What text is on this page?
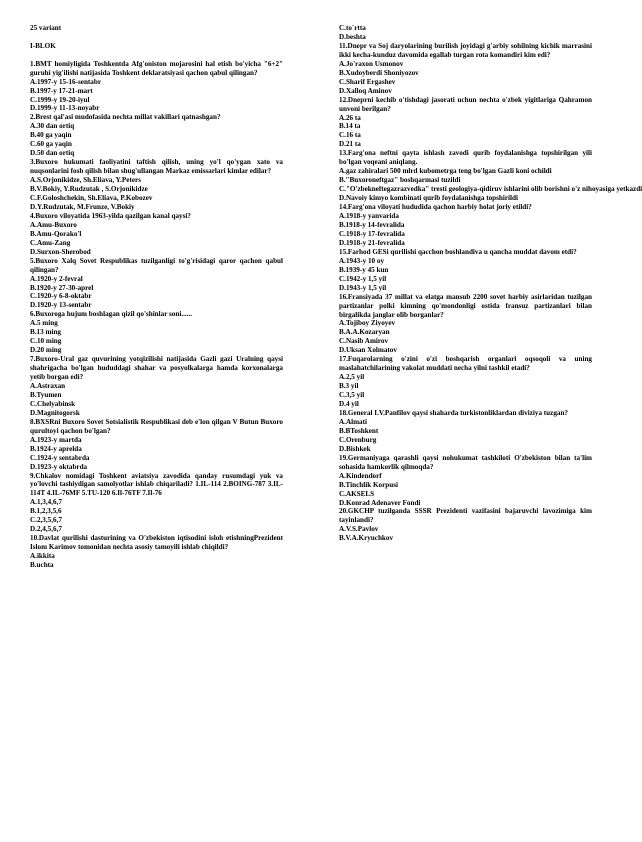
25 variant

I-BLOK

1.BMT homiyligida Toshkentda Afg'oniston mojarosini hal etish bo'yicha "6+2" guruhi yig'ilishi natijasida Toshkent deklaratsiyasi qachon qabul qilingan?

A.1997-y 15-16-sentabr

B.1997-y 17-21-mart

C.1999-y 19-20-iyul

D.1999-y 11-13-noyabr

2.Brest qal'asi mudofasida nechta millat vakillari qatnashgan?

A.30 dan ortiq

B.40 ga yaqin

C.60 ga yaqin

D.50 dan ortiq

3.Buxoro hukumati faoliyatini taftish qilish, uning yo'l qo'ygan xato va nuqsonlarini fosh qilish bilan shug'ullangan Markaz emissarlari kimlar edilar?

A.S.Orjonikidze, Sh.Eliava, Y.Peters

B.V.Bokiy, Y.Rudzutak , S.Orjonikidze

C.F.Goloshchekin, Sh.Eliava, P.Kobozev

D.Y.Rudzutak, M.Frunze, V.Bokiy

4.Buxoro viloyatida 1963-yilda qazilgan kanal qaysi?

A.Amu-Buxoro

B.Amu-Qorako'l

C.Amu-Zang

D.Surxon-Sherobod

5.Buxoro Xalq Sovet Respublikas tuzilganligi to'g'risidagi qaror qachon qabul qilingan?

A.1920-y 2-fevral

B.1920-y 27-30-aprel

C.1920-y 6-8-oktabr

D.1920-y 13-sentabr

6.Buxoroga hujum boshlagan qizil qo'shinlar soni......

A.5 ming

B.13 ming

C.10 ming

D.20 ming

7.Buxoro-Ural gaz quvurining yotqizilishi natijasida Gazli gazi Uralning qaysi shahrigacha bo'lgan hududdagi shahar va posyolkalarga hamda korxonalarga yetib borgan edi?

A.Astraxan

B.Tyumen

C.Chelyabinsk

D.Magnitogorsk

8.BXSRni Buxoro Sovet Sotsialistik Respublikasi deb e'lon qilgan V Butun Buxoro qurultoyi qachon bo'lgan?

A.1923-y martda

B.1924-y aprelda

C.1924-y sentabrda

D.1923-y oktabrda

9.Chkalov nomidagi Toshkent aviatsiya zavodida qanday rusumdagi yuk va yo'lovchi tashiydigan samolyotlar ishlab chiqariladi? 1.IL-114 2.BOING-787 3.IL-114T 4.IL-76MF 5.TU-120 6.Il-76TF 7.Il-76

A.1,3,4,6,7

B.1,2,3,5,6

C.2,3,5,6,7

D.2,4,5,6,7

10.Davlat qurilishi dasturining va O'zbekiston iqtisodini isloh etishningPrezident Islom Karimov tomonidan nechta asosiy tamoyili ishlab chiqildi?

A.ikkita

B.uchta

C.to`rtta

D.beshta

11.Dnepr va Soj daryolarining burilish joyidagi g'arbiy sohilning kichik marrasini ikki kecha-kunduz davomida egallab turgan rota komandiri kim edi?

A.Jo'raxon Usmonov

B.Xudoyberdi Shoniyozov

C.Sharif Ergashev

D.Xalloq Aminov

12.Dneprni kechib o'tishdagi jasorati uchun nechta o'zbek yigitlariga Qahramon unvoni berilgan?

A.26 ta

B.14 ta

C.16 ta

D.21 ta

13.Farg'ona neftni qayta ishlash zavodi qurib foydalanishga topshirilgan yili bo'lgan voqeani aniqlang.

A.gaz zahiralari 500 mlrd kubometrga teng bo'lgan Gazli koni ochildi

B."Buxoroneftgaz" boshqarmasi tuzildi

C."O'zbekneftegazrazvedka" tresti geologiya-qidiruv ishlarini olib borishni o'z nihoyasiga yetkazdi

D.Navoiy kimyo kombinati qurib foydalanishga topshirildi

14.Farg'ona viloyati hududida qachon harbiy holat joriy etildi?

A.1918-y yanvarida

B.1918-y 14-fevralida

C.1918-y 17-fevralida

D.1918-y 21-fevralida

15.Farhod GESi qurilishi qacchon boshlandiva u qancha muddat davom etdi?

A.1943-y 10 oy

B.1939-y 45 kun

C.1942-y 1,5 yil

D.1943-y 1,5 yil

16.Fransiyada 37 millat va elatga mansub 2200 sovet harbiy asirlaridan tuzilgan partizanlar polki kimning qo'mondonligi ostida fransuz partizanlari bilan birgalikda janglar olib borganlar?

A.Tojiboy Ziyoyev

B.A.A.Kozaryan

C.Nasib Amirov

D.Uksan Xolmatov

17.Fuqarolarning o'zini o'zi boshqarish organlari oqsoqoli va uning maslahatchilarining vakolat muddati necha yilni tashkil etadi?

A.2,5 yil

B.3 yil

C.3,5 yil

D.4 yil

18.General I.V.Panfilov qaysi shaharda turkistonliklardan diviziya tuzgan?

A.Almati

B.BToshkent

C.Orenburg

D.Bishkek

19.Germaniyaga qarashli qaysi nohukumat tashkiloti O'zbekiston bilan ta'lim sohasida hamkorlik qilmoqda?

A.Kindendorf

B.Tinchlik Korpusi

C.AKSELS

D.Konrad Adenaver Fondi

20.GKCHP tuzilganda SSSR Prezidenti vazifasini bajaruvchi lavozimiga kim tayinlandi?

A.V.S.Pavlov

B.V.A.Kryuchkov
